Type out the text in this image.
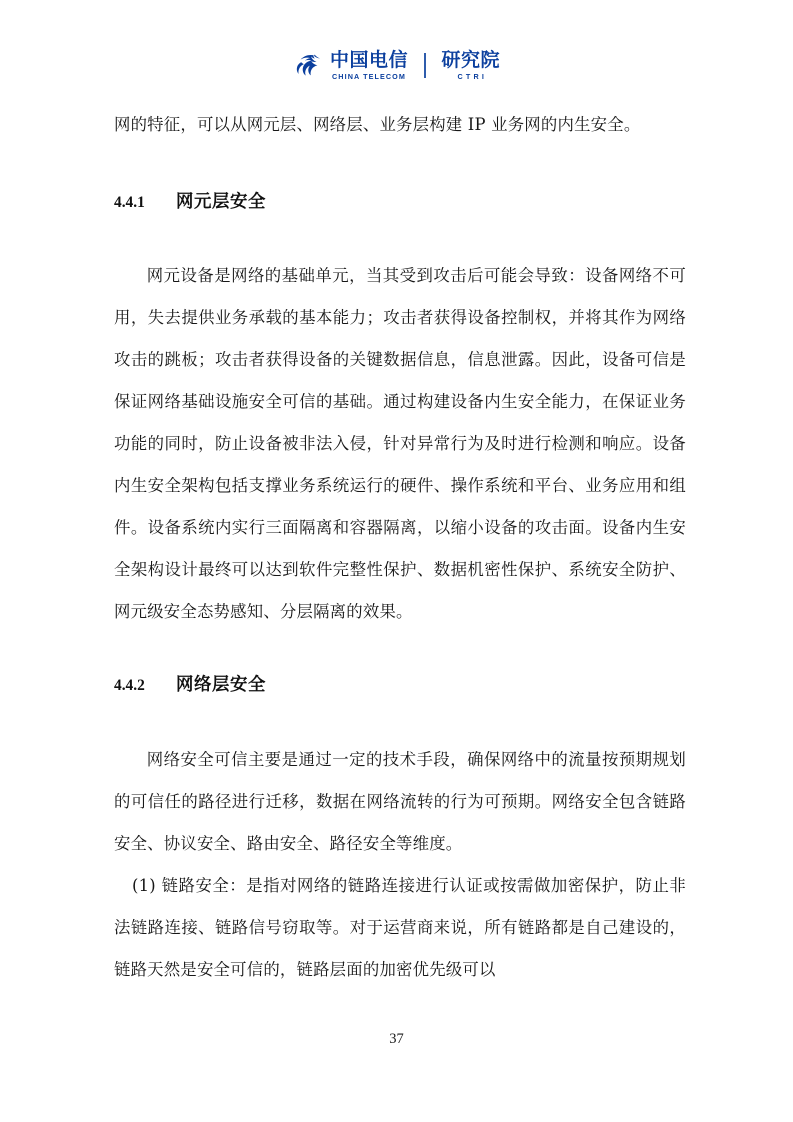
中国电信
CHINA TELECOM
研究院
CTRI

网的特征，可以从网元层、网络层、业务层构建 IP 业务网的内生安全。

4.4.1	网元层安全

网元设备是网络的基础单元，当其受到攻击后可能会导致：设备网络不可用，失去提供业务承载的基本能力；攻击者获得设备控制权，并将其作为网络攻击的跳板；攻击者获得设备的关键数据信息，信息泄露。因此，设备可信是保证网络基础设施安全可信的基础。通过构建设备内生安全能力，在保证业务功能的同时，防止设备被非法入侵，针对异常行为及时进行检测和响应。设备内生安全架构包括支撑业务系统运行的硬件、操作系统和平台、业务应用和组件。设备系统内实行三面隔离和容器隔离，以缩小设备的攻击面。设备内生安全架构设计最终可以达到软件完整性保护、数据机密性保护、系统安全防护、网元级安全态势感知、分层隔离的效果。

4.4.2	网络层安全

网络安全可信主要是通过一定的技术手段，确保网络中的流量按预期规划的可信任的路径进行迁移，数据在网络流转的行为可预期。网络安全包含链路安全、协议安全、路由安全、路径安全等维度。

(1) 链路安全：是指对网络的链路连接进行认证或按需做加密保护，防止非法链路连接、链路信号窃取等。对于运营商来说，所有链路都是自己建设的，链路天然是安全可信的，链路层面的加密优先级可以

37
